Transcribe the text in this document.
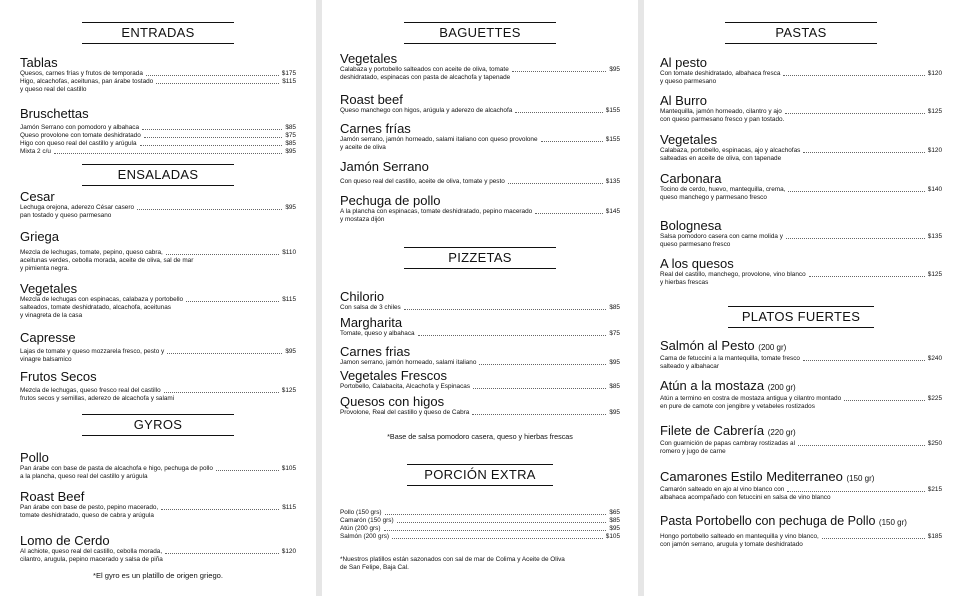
ENTRADAS
Tablas
Quesos, carnes frías y frutos de temporada	$175
Higo, alcachofas, aceitunas, pan árabe tostado	$115
y queso real del castillo
Bruschettas
Jamón Serrano con pomodoro y albahaca	$85
Queso provolone con tomate deshidratado	$75
Higo con queso real del castillo y arúgula	$85
Mixta 2 c/u	$95
ENSALADAS
Cesar
Lechuga orejona, aderezo César casero	$95
pan tostado y queso parmesano
Griega
Mezcla de lechugas, tomate, pepino, queso cabra,	$110
aceitunas verdes, cebolla morada, aceite de oliva, sal de mar
y pimienta negra.
Vegetales
Mezcla de lechugas con espinacas, calabaza y portobello	$115
salteados, tomate deshidratado, alcachofa, aceitunas
y vinagreta de la casa
Capresse
Lajas de tomate y queso mozzarela fresco, pesto y	$95
vinagre balsamico
Frutos Secos
Mezcla de lechugas, queso fresco real del castillo	$125
frutos secos y semillas, aderezo de alcachofa y salami
GYROS
Pollo
Pan árabe con base de pasta de alcachofa e higo, pechuga de pollo	$105
a la plancha, queso real del castillo y arúgula
Roast Beef
Pan árabe con base de pesto, pepino macerado,	$115
tomate deshidratado, queso de cabra y arúgula
Lomo de Cerdo
Al achiote, queso real del castillo, cebolla morada,	$120
cilantro, arugula, pepino macerado y salsa de piña
*El gyro es un platillo de origen griego.
BAGUETTES
Vegetales
Calabaza y portobello salteados con aceite de oliva, tomate	$95
deshidratado, espinacas con pasta de alcachofa y tapenade
Roast beef
Queso manchego con higos, arúgula y aderezo de alcachofa	$155
Carnes frías
Jamón serrano, jamón horneado, salami italiano con queso provolone	$155
y aceite de oliva
Jamón Serrano
Con queso real del castillo, aceite de oliva, tomate y pesto	$135
Pechuga de pollo
A la plancha con espinacas, tomate deshidratado, pepino macerado	$145
y mostaza dijón
PIZZETAS
Chilorio
Con salsa de 3 chiles	$85
Margharita
Tomate, queso y albahaca	$75
Carnes frias
Jamon serrano, jamón horneado, salami italiano	$95
Vegetales Frescos
Portobello, Calabacita, Alcachofa y Espinacas	$85
Quesos con higos
Provolone, Real del castillo y queso de Cabra	$95
*Base de salsa pomodoro casera, queso y hierbas frescas
PORCIÓN EXTRA
Pollo (150 grs)	$65
Camarón (150 grs)	$85
Atún (200 grs)	$95
Salmón (200 grs)	$105
*Nuestros platillos están sazonados con sal de mar de Colima y Aceite de Oliva
de San Felipe, Baja Cal.
PASTAS
Al pesto
Con tomate deshidratado, albahaca fresca	$120
y queso parmesano
Al Burro
Mantequilla, jamón horneado, cilantro y ajo	$125
con queso parmesano fresco y pan tostado.
Vegetales
Calabaza, portobello, espinacas, ajo y alcachofas	$120
salteadas en aceite de oliva, con tapenade
Carbonara
Tocino de cerdo, huevo, mantequilla, crema,	$140
queso manchego y parmesano fresco
Bolognesa
Salsa pomodoro casera con carne molida y	$135
queso parmesano fresco
A los quesos
Real del castillo, manchego, provolone, vino blanco	$125
y hierbas frescas
PLATOS FUERTES
Salmón al Pesto (200 gr)
Cama de fetuccini a la mantequilla, tomate fresco	$240
salteado y albahacar
Atún a la mostaza (200 gr)
Atún a termino en costra de mostaza antigua y cilantro montado	$225
en pure de camote con jengibre y vetabeles rostizados
Filete de Cabrería (220 gr)
Con guarnición de papas cambray rostizadas al	$250
romero y jugo de carne
Camarones Estilo Mediterraneo (150 gr)
Camarón salteado en ajo al vino blanco con	$215
albahaca acompañado con fetuccini en salsa de vino blanco
Pasta Portobello con pechuga de Pollo (150 gr)
Hongo portobello salteado en mantequilla y vino blanco,	$185
con jamón serrano, arugula y tomate deshidratado
